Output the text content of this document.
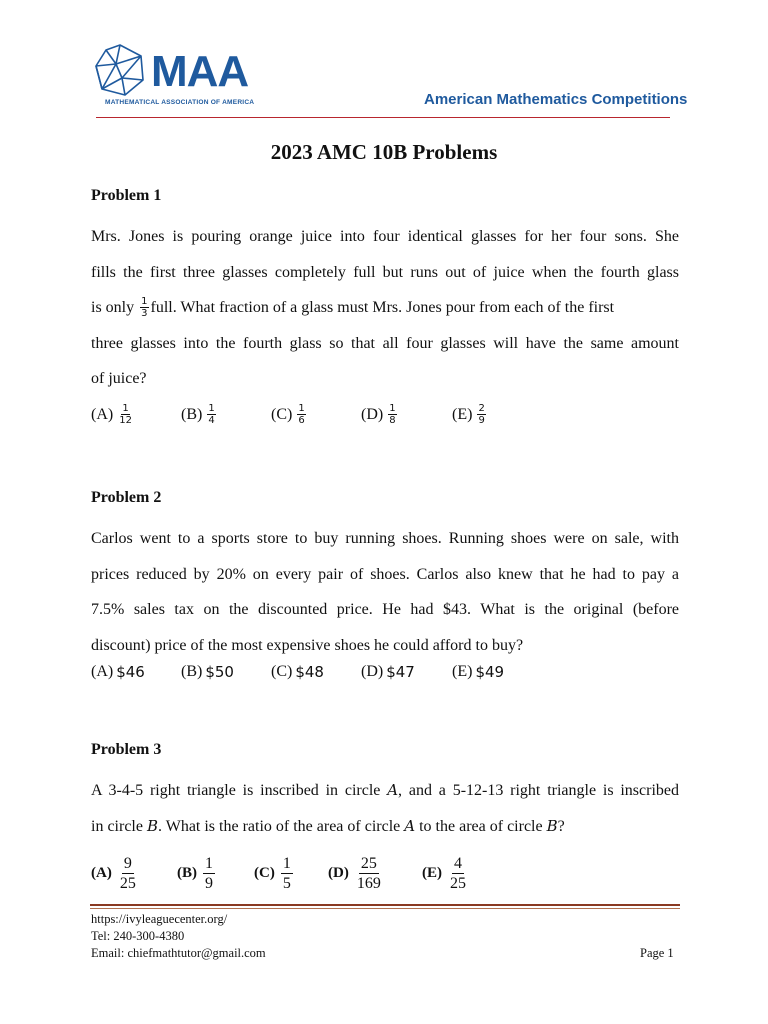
MAA
MATHEMATICAL ASSOCIATION OF AMERICA	American Mathematics Competitions
2023 AMC 10B Problems
Problem 1
Mrs. Jones is pouring orange juice into four identical glasses for her four sons. She
fills the first three glasses completely full but runs out of juice when the fourth glass
is only $\frac{1}{3}$ full. What fraction of a glass must Mrs. Jones pour from each of the first
three glasses into the fourth glass so that all four glasses will have the same amount
of juice?
$(A) \frac{1}{12}$	$(B) \frac{1}{4}$	$(C) \frac{1}{6}$	$(D) \frac{1}{8}$	$(E) \frac{2}{9}$
Problem 2
Carlos went to a sports store to buy running shoes. Running shoes were on sale, with
prices reduced by 20% on every pair of shoes. Carlos also knew that he had to pay a
7.5% sales tax on the discounted price. He had $43. What is the original (before
discount) price of the most expensive shoes he could afford to buy?
(A) $46 (B) $50 (C) $48 (D) $47 (E) $49
Problem 3
A 3-4-5 right triangle is inscribed in circle A, and a 5-12-13 right triangle is inscribed
in circle B. What is the ratio of the area of circle A to the area of circle B?
$(A) \frac{9}{25}$	$(B) \frac{1}{9}$	$(C) \frac{1}{5} (D) \frac{25}{169}$	$(E) \frac{4}{25}$
https://ivyleaguecenter.org/
Tel: 240-300-4380
Email: chiefmathtutor@gmail.com	Page 1
